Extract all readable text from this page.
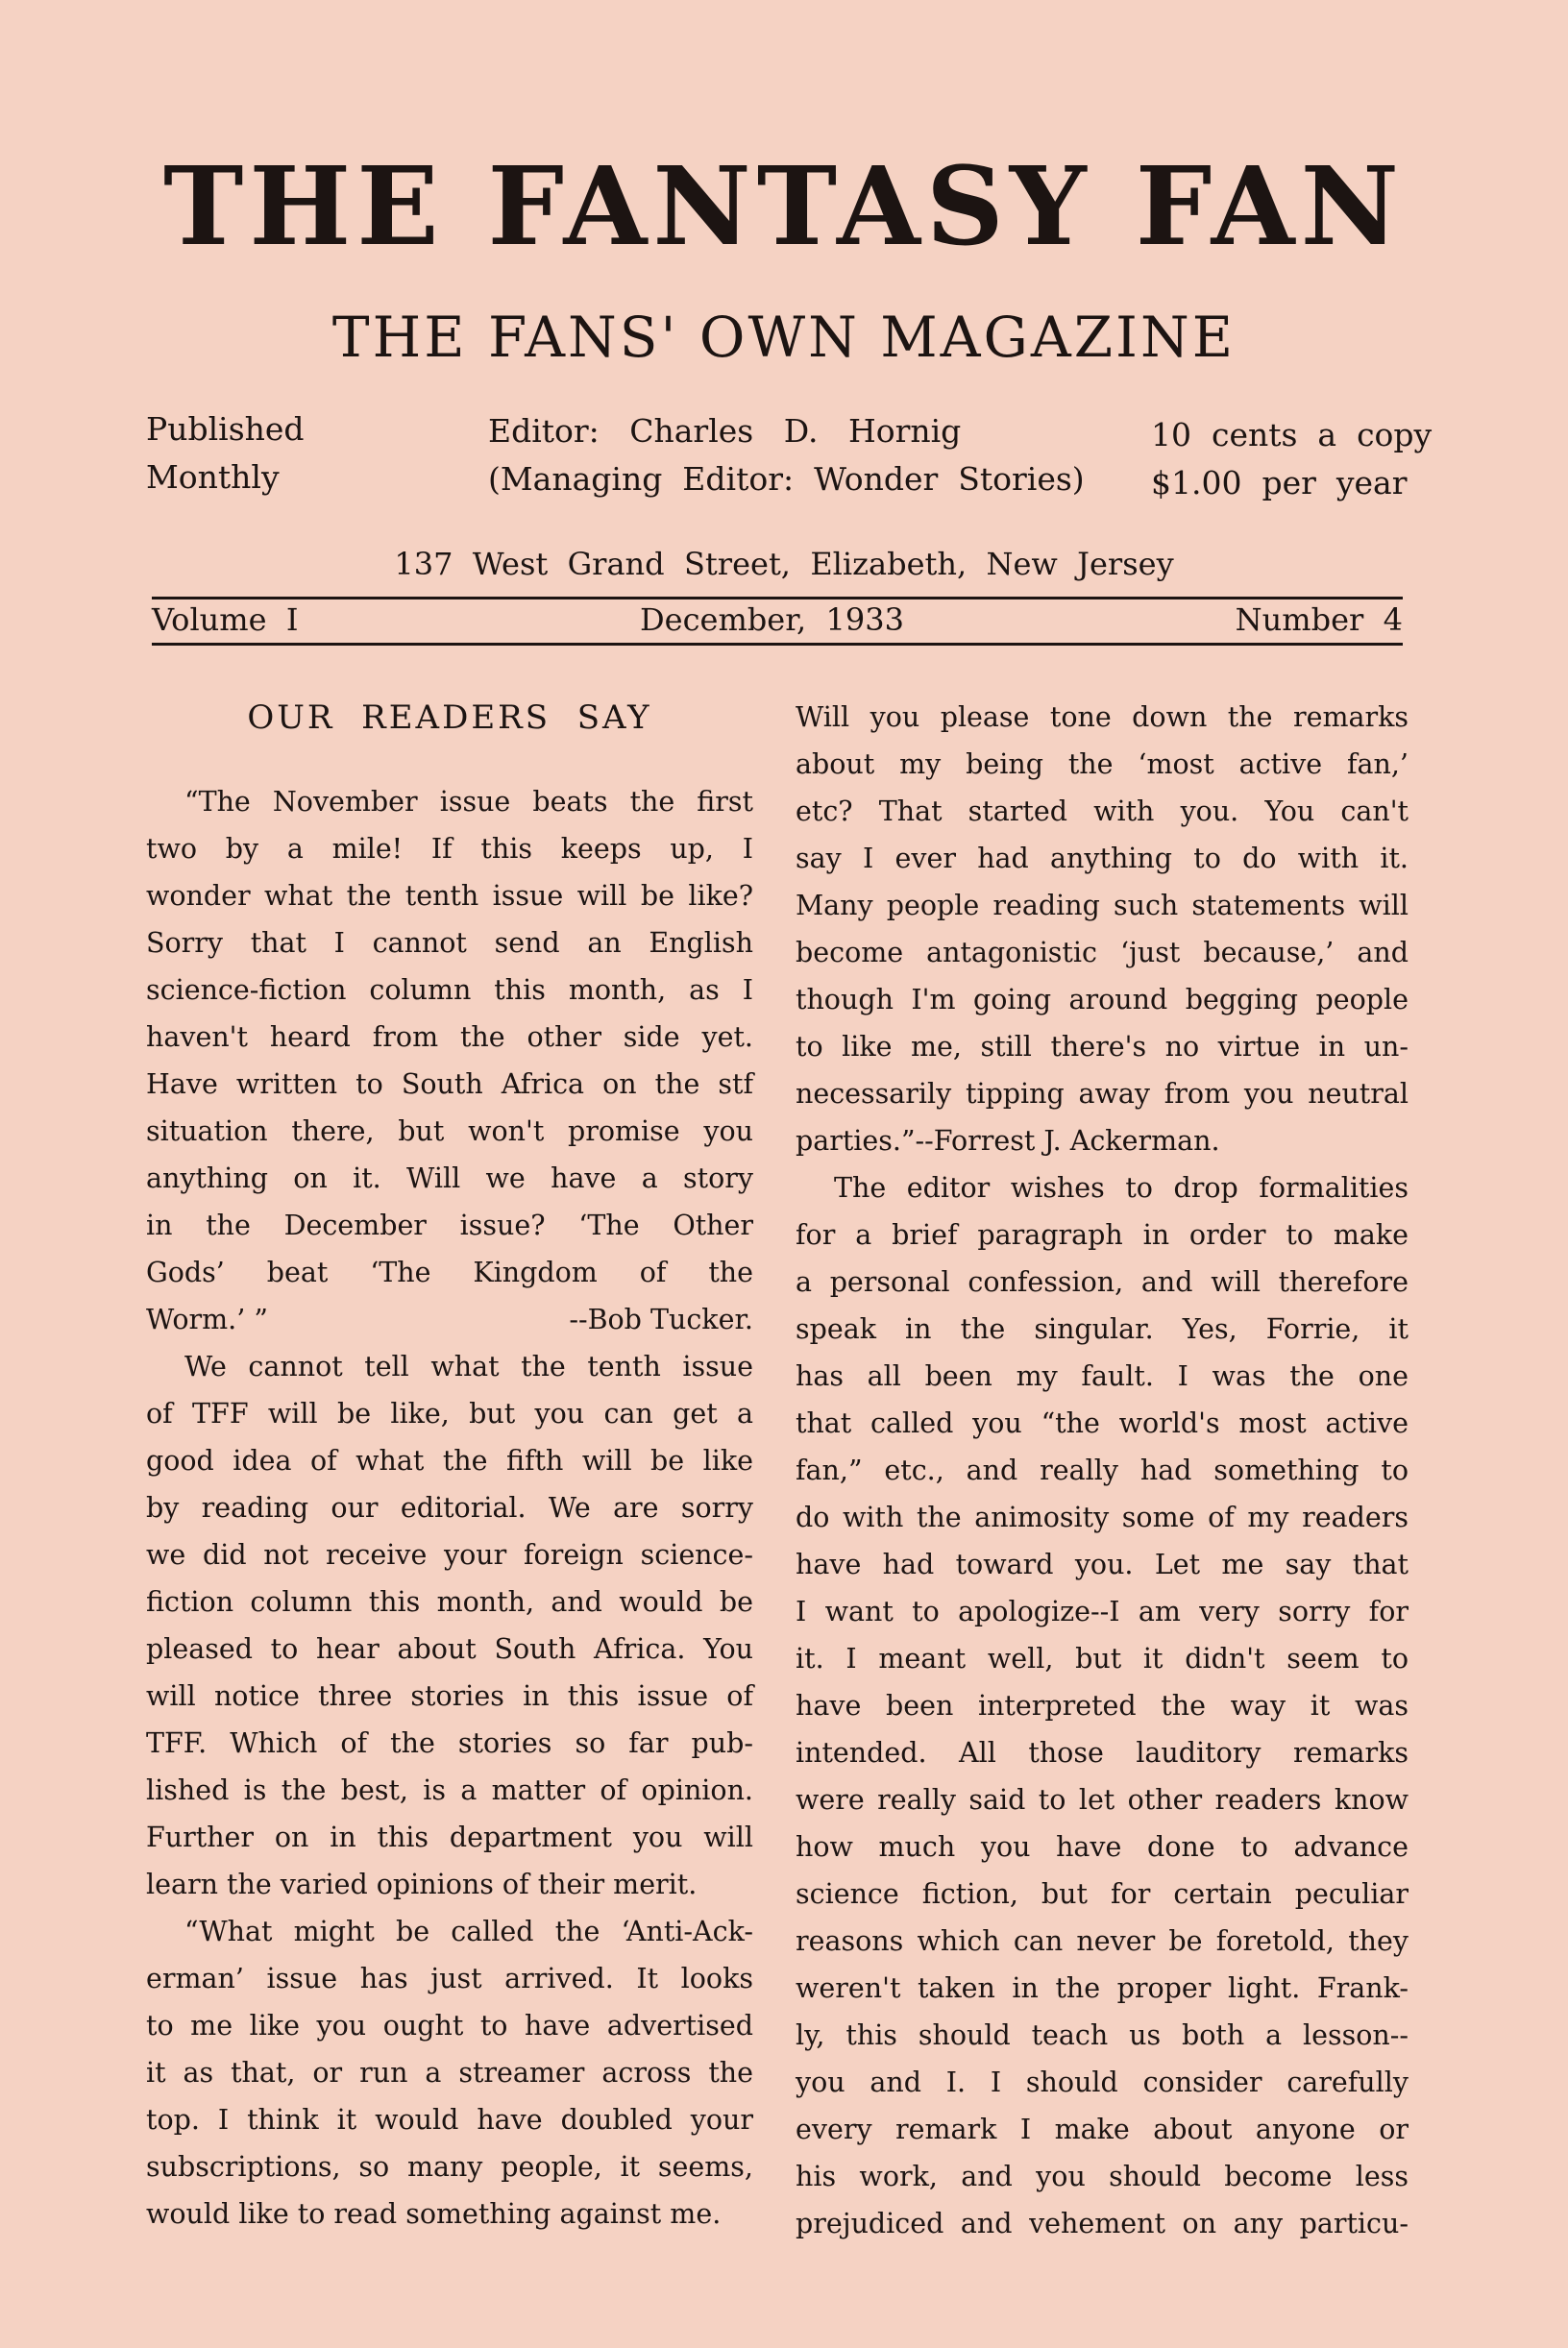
THE FANTASY FAN
THE FANS' OWN MAGAZINE
Published
Monthly
Editor:   Charles   D.   Hornig
(Managing  Editor:  Wonder  Stories)
10  cents  a  copy
$1.00  per  year
137  West  Grand  Street,  Elizabeth,  New  Jersey
Volume  I	December,  1933	Number  4
OUR  READERS  SAY
“The November issue beats the first
two by a mile! If this keeps up, I
wonder what the tenth issue will be like?
Sorry that I cannot send an English
science-fiction column this month, as I
haven't heard from the other side yet.
Have written to South Africa on the stf
situation there, but won't promise you
anything on it. Will we have a story
in the December issue? ‘The Other
Gods’ beat ‘The Kingdom of the
Worm.’ ”	--Bob Tucker.
We cannot tell what the tenth issue
of TFF will be like, but you can get a
good idea of what the fifth will be like
by reading our editorial. We are sorry
we did not receive your foreign science-
fiction column this month, and would be
pleased to hear about South Africa. You
will notice three stories in this issue of
TFF. Which of the stories so far pub-
lished is the best, is a matter of opinion.
Further on in this department you will
learn the varied opinions of their merit.
“What might be called the ‘Anti-Ack-
erman’ issue has just arrived. It looks
to me like you ought to have advertised
it as that, or run a streamer across the
top. I think it would have doubled your
subscriptions, so many people, it seems,
would like to read something against me.
Will you please tone down the remarks
about my being the ‘most active fan,’
etc? That started with you. You can't
say I ever had anything to do with it.
Many people reading such statements will
become antagonistic ‘just because,’ and
though I'm going around begging people
to like me, still there's no virtue in un-
necessarily tipping away from you neutral
parties.”--Forrest J. Ackerman.
The editor wishes to drop formalities
for a brief paragraph in order to make
a personal confession, and will therefore
speak in the singular. Yes, Forrie, it
has all been my fault. I was the one
that called you “the world's most active
fan,” etc., and really had something to
do with the animosity some of my readers
have had toward you. Let me say that
I want to apologize--I am very sorry for
it. I meant well, but it didn't seem to
have been interpreted the way it was
intended. All those lauditory remarks
were really said to let other readers know
how much you have done to advance
science fiction, but for certain peculiar
reasons which can never be foretold, they
weren't taken in the proper light. Frank-
ly, this should teach us both a lesson--
you and I. I should consider carefully
every remark I make about anyone or
his work, and you should become less
prejudiced and vehement on any particu-
